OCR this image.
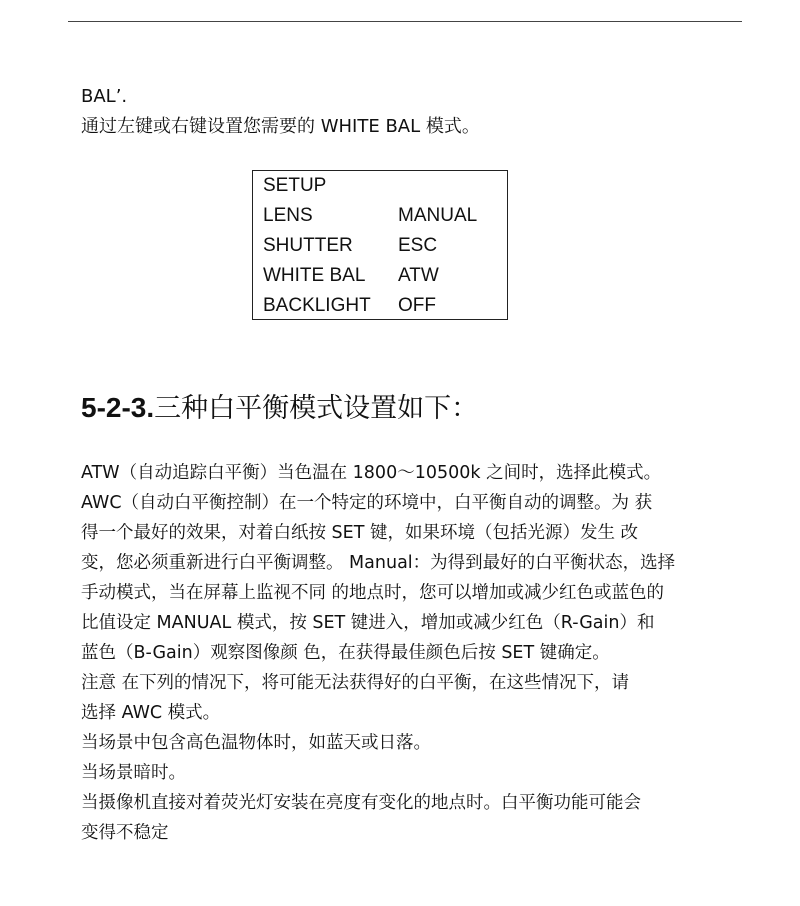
BAL’.
通过左键或右键设置您需要的 WHITE BAL 模式。
SETUP
LENS	MANUAL
SHUTTER ESC
WHITE BAL ATW
BACKLIGHT OFF
5-2-3.三种白平衡模式设置如下：
ATW（自动追踪白平衡）当色温在 1800～10500k 之间时，选择此模式。
AWC（自动白平衡控制）在一个特定的环境中，白平衡自动的调整。为 获
得一个最好的效果，对着白纸按 SET 键，如果环境（包括光源）发生 改
变，您必须重新进行白平衡调整。 Manual：为得到最好的白平衡状态，选择
手动模式，当在屏幕上监视不同 的地点时，您可以增加或减少红色或蓝色的
比值设定 MANUAL 模式，按 SET 键进入，增加或减少红色（R-Gain）和
蓝色（B-Gain）观察图像颜 色，在获得最佳颜色后按 SET 键确定。
注意 在下列的情况下，将可能无法获得好的白平衡，在这些情况下，请
选择 AWC 模式。
当场景中包含高色温物体时，如蓝天或日落。
当场景暗时。
当摄像机直接对着荧光灯安装在亮度有变化的地点时。白平衡功能可能会
变得不稳定
